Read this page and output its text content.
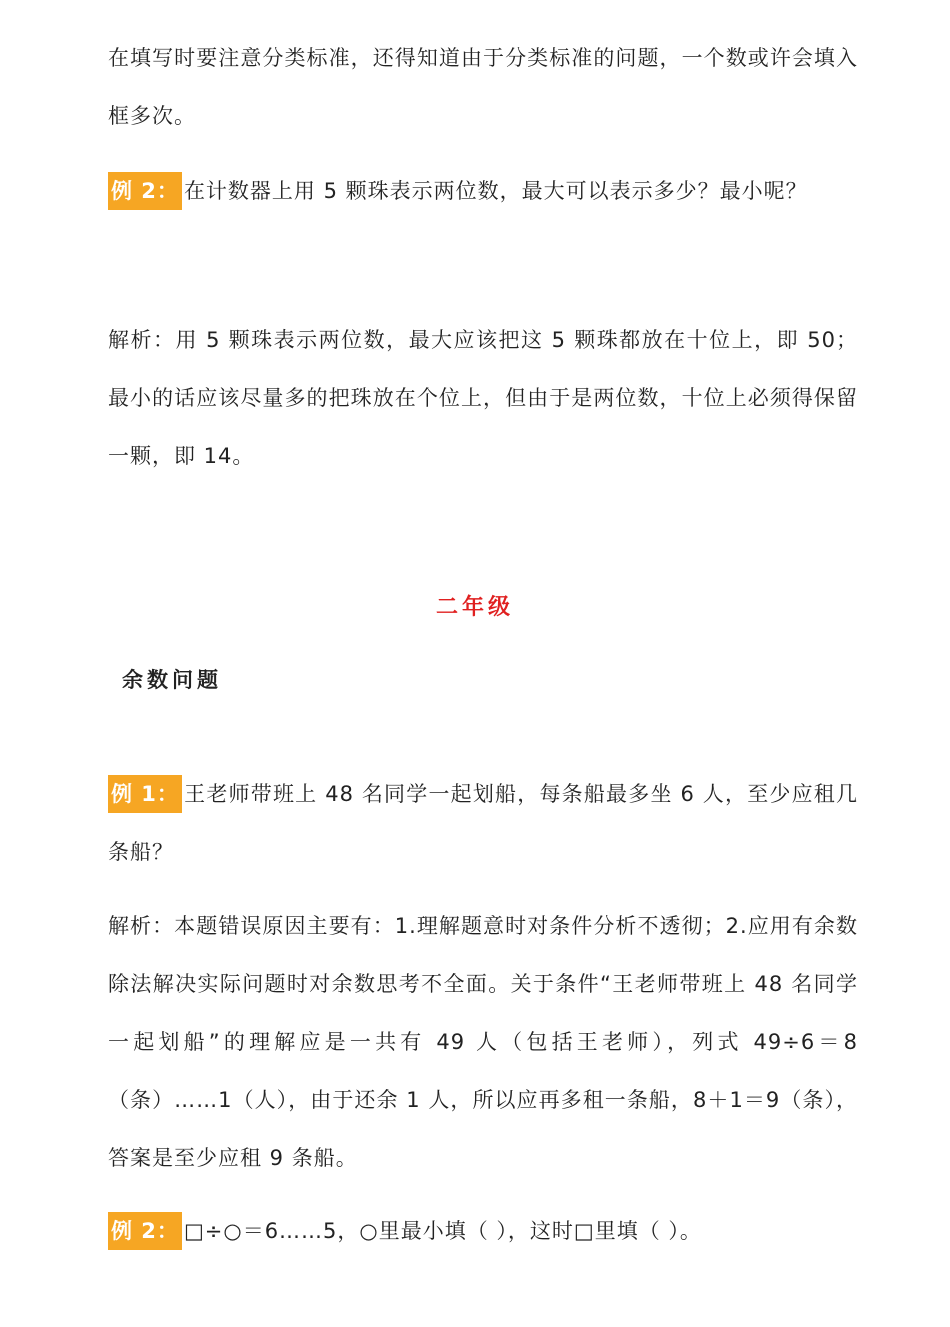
在填写时要注意分类标准，还得知道由于分类标准的问题，一个数或许会填入框多次。

例 2： 在计数器上用 5 颗珠表示两位数，最大可以表示多少？最小呢？

解析：用 5 颗珠表示两位数，最大应该把这 5 颗珠都放在十位上，即 50；最小的话应该尽量多的把珠放在个位上，但由于是两位数，十位上必须得保留一颗，即 14。

二年级
余数问题

例 1： 王老师带班上 48 名同学一起划船，每条船最多坐 6 人，至少应租几条船？

解析：本题错误原因主要有：1.理解题意时对条件分析不透彻；2.应用有余数除法解决实际问题时对余数思考不全面。关于条件“王老师带班上 48 名同学一起划船”的理解应是一共有 49 人（包括王老师），列式 49÷6＝8（条）……1（人），由于还余 1 人，所以应再多租一条船，8＋1＝9（条），答案是至少应租 9 条船。

例 2： □÷○＝6……5，○里最小填（ ），这时□里填（ ）。
